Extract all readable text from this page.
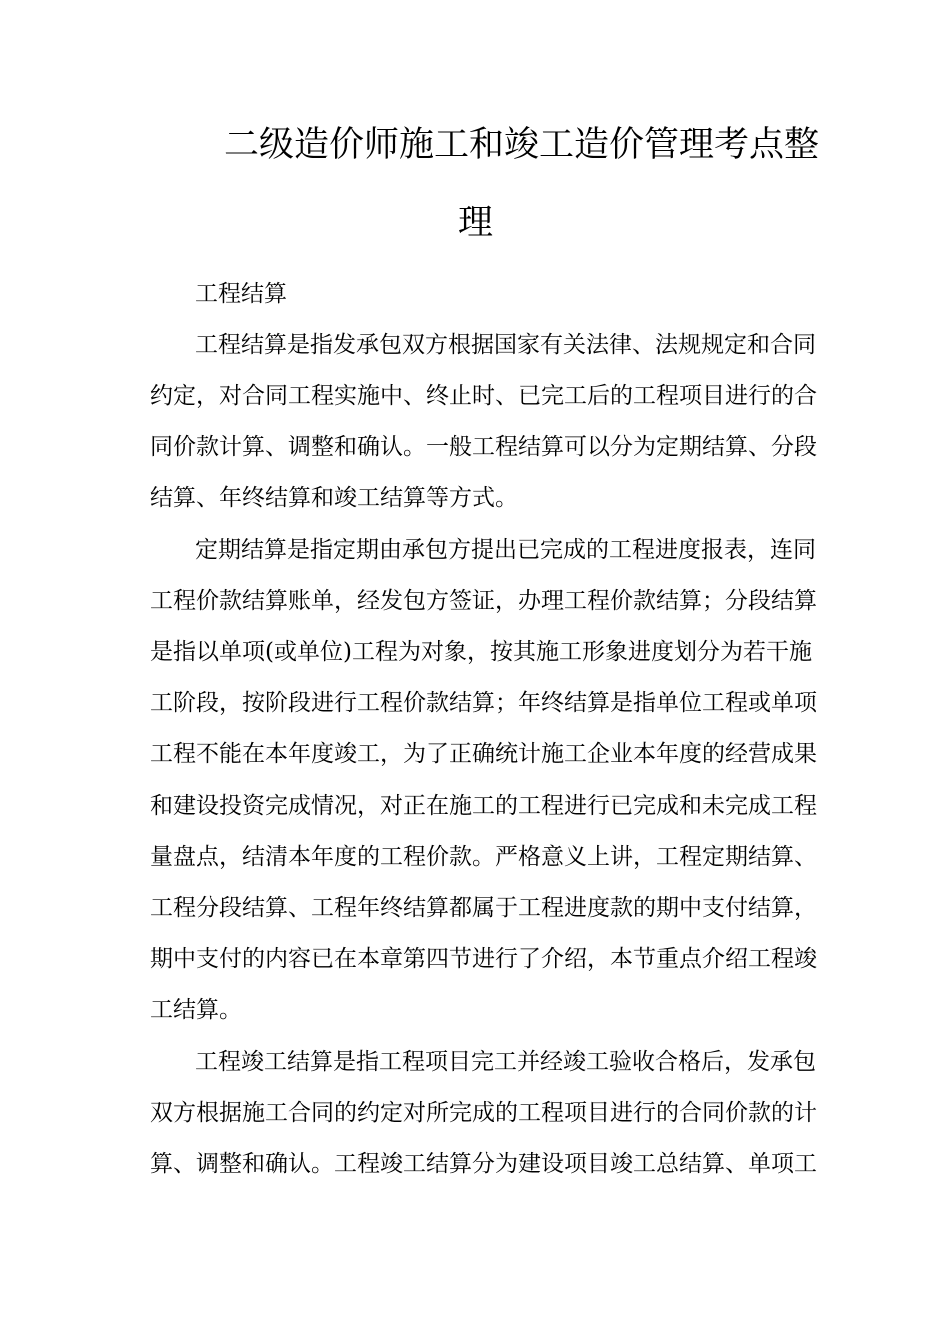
二级造价师施工和竣工造价管理考点整
理

工程结算

工程结算是指发承包双方根据国家有关法律、法规规定和合同

约定，对合同工程实施中、终止时、已完工后的工程项目进行的合

同价款计算、调整和确认。一般工程结算可以分为定期结算、分段

结算、年终结算和竣工结算等方式。

定期结算是指定期由承包方提出已完成的工程进度报表，连同

工程价款结算账单，经发包方签证，办理工程价款结算；分段结算

是指以单项(或单位)工程为对象，按其施工形象进度划分为若干施

工阶段，按阶段进行工程价款结算；年终结算是指单位工程或单项

工程不能在本年度竣工，为了正确统计施工企业本年度的经营成果

和建设投资完成情况，对正在施工的工程进行已完成和未完成工程

量盘点，结清本年度的工程价款。严格意义上讲，工程定期结算、

工程分段结算、工程年终结算都属于工程进度款的期中支付结算，

期中支付的内容已在本章第四节进行了介绍，本节重点介绍工程竣

工结算。

工程竣工结算是指工程项目完工并经竣工验收合格后，发承包

双方根据施工合同的约定对所完成的工程项目进行的合同价款的计

算、调整和确认。工程竣工结算分为建设项目竣工总结算、单项工
